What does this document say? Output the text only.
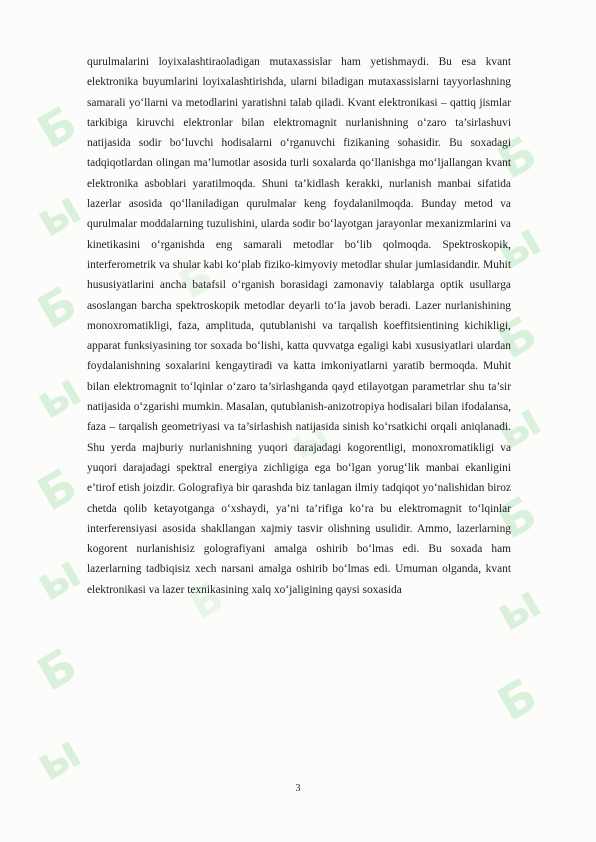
Б
ы
Б
ы
Б
ы
Б
ы
Б
ы
Б
ы
Б
ы
Б
Б
ы
Б

qurulmalarini loyixalashtiraoladigan mutaxassislar ham yetishmaydi. Bu esa kvant elektronika buyumlarini loyixalashtirishda, ularni biladigan mutaxassislarni tayyorlashning samarali yo‘llarni va metodlarini yaratishni talab qiladi. Kvant elektronikasi – qattiq jismlar tarkibiga kiruvchi elektronlar bilan elektromagnit nurlanishning o‘zaro ta’sirlashuvi natijasida sodir bo‘luvchi hodisalarni o‘rganuvchi fizikaning sohasidir. Bu soxadagi tadqiqotlardan olingan ma’lumotlar asosida turli soxalarda qo‘llanishga mo‘ljallangan kvant elektronika asboblari yaratilmoqda. Shuni ta’kidlash kerakki, nurlanish manbai sifatida lazerlar asosida qo‘llaniladigan qurulmalar keng foydalanilmoqda. Bunday metod va qurulmalar moddalarning tuzulishini, ularda sodir bo‘layotgan jarayonlar mexanizmlarini va kinetikasini o‘rganishda eng samarali metodlar bo‘lib qolmoqda. Spektroskopik, interferometrik va shular kabi ko‘plab fiziko-kimyoviy metodlar shular jumlasidandir. Muhit hususiyatlarini ancha batafsil o‘rganish borasidagi zamonaviy talablarga optik usullarga asoslangan barcha spektroskopik metodlar deyarli to‘la javob beradi. Lazer nurlanishining monoxromatikligi, faza, amplituda, qutublanishi va tarqalish koeffitsientining kichikligi, apparat funksiyasining tor soxada bo‘lishi, katta quvvatga egaligi kabi xususiyatlari ulardan foydalanishning soxalarini kengaytiradi va katta imkoniyatlarni yaratib bermoqda. Muhit bilan elektromagnit to‘lqinlar o‘zaro ta’sirlashganda qayd etilayotgan parametrlar shu ta’sir natijasida o‘zgarishi mumkin. Masalan, qutublanish-anizotropiya hodisalari bilan ifodalansa, faza – tarqalish geometriyasi va ta’sirlashish natijasida sinish ko‘rsatkichi orqali aniqlanadi. Shu yerda majburiy nurlanishning yuqori darajadagi kogorentligi, monoxromatikligi va yuqori darajadagi spektral energiya zichligiga ega bo‘lgan yorug‘lik manbai ekanligini e’tirof etish joizdir. Golografiya bir qarashda biz tanlagan ilmiy tadqiqot yo‘nalishidan biroz chetda qolib ketayotganga o‘xshaydi, ya’ni ta’rifiga ko‘ra bu elektromagnit to‘lqinlar interferensiyasi asosida shakllangan xajmiy tasvir olishning usulidir. Ammo, lazerlarning kogorent nurlanishisiz golografiyani amalga oshirib bo‘lmas edi. Bu soxada ham lazerlarning tadbiqisiz xech narsani amalga oshirib bo‘lmas edi. Umuman olganda, kvant elektronikasi va lazer texnikasining xalq xo‘jaligining qaysi soxasida

3
